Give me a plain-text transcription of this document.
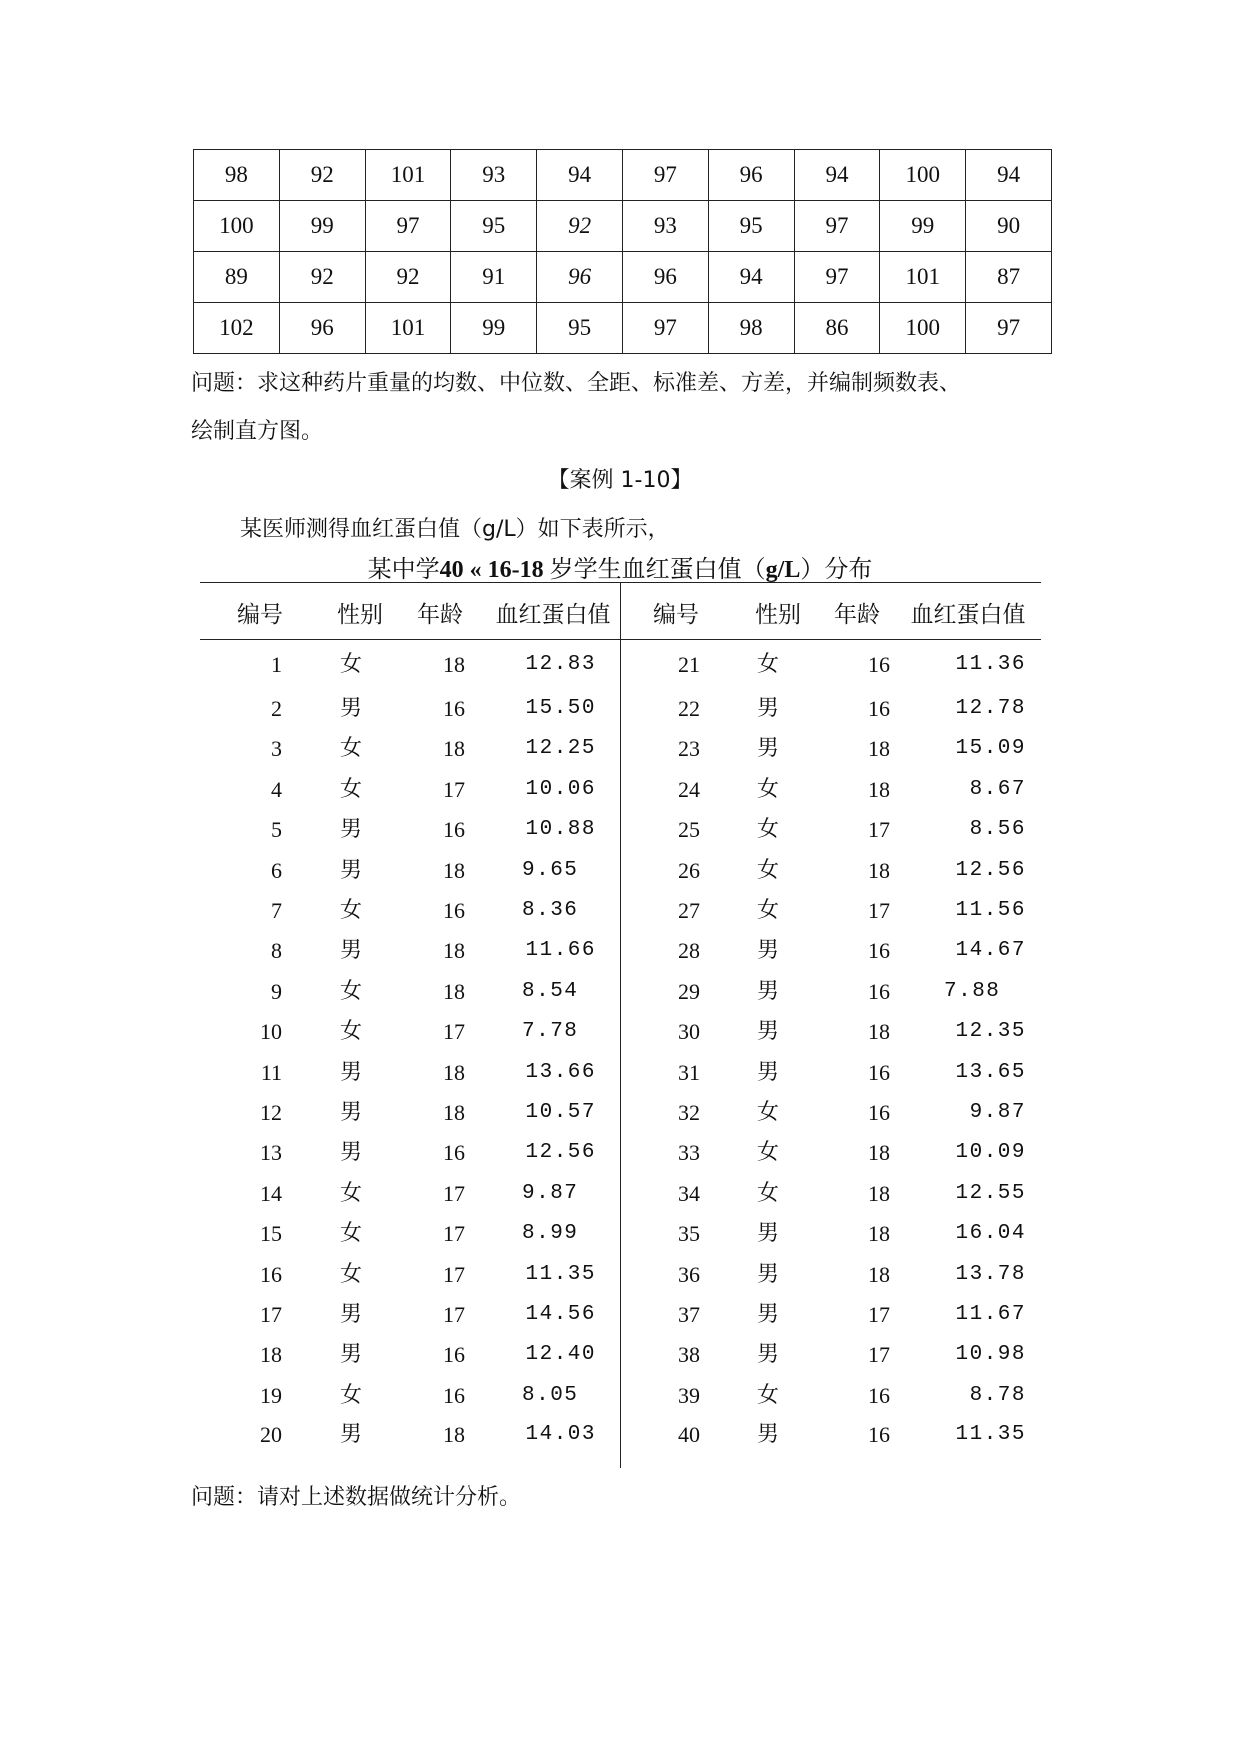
98	92	101	93	94	97	96	94	100	94
100	99	97	95	92	93	95	97	99	90
89	92	92	91	96	96	94	97	101	87
102	96	101	99	95	97	98	86	100	97
问题：求这种药片重量的均数、中位数、全距、标准差、方差，并编制频数表、
绘制直方图。
【案例 1-10】
某医师测得血红蛋白值（g/L）如下表所示，
某中学40 « 16-18 岁学生血红蛋白值（g/L）分布
编号	性别	年龄	血红蛋白值	编号	性别	年龄	血红蛋白值
1	女	18	12.83	21	女	16	11.36
2	男	16	15.50	22	男	16	12.78
3	女	18	12.25	23	男	18	15.09
4	女	17	10.06	24	女	18	8.67
5	男	16	10.88	25	女	17	8.56
6	男	18	9.65	26	女	18	12.56
7	女	16	8.36	27	女	17	11.56
8	男	18	11.66	28	男	16	14.67
9	女	18	8.54	29	男	16	7.88
10	女	17	7.78	30	男	18	12.35
11	男	18	13.66	31	男	16	13.65
12	男	18	10.57	32	女	16	9.87
13	男	16	12.56	33	女	18	10.09
14	女	17	9.87	34	女	18	12.55
15	女	17	8.99	35	男	18	16.04
16	女	17	11.35	36	男	18	13.78
17	男	17	14.56	37	男	17	11.67
18	男	16	12.40	38	男	17	10.98
19	女	16	8.05	39	女	16	8.78
20	男	18	14.03	40	男	16	11.35
问题：请对上述数据做统计分析。
